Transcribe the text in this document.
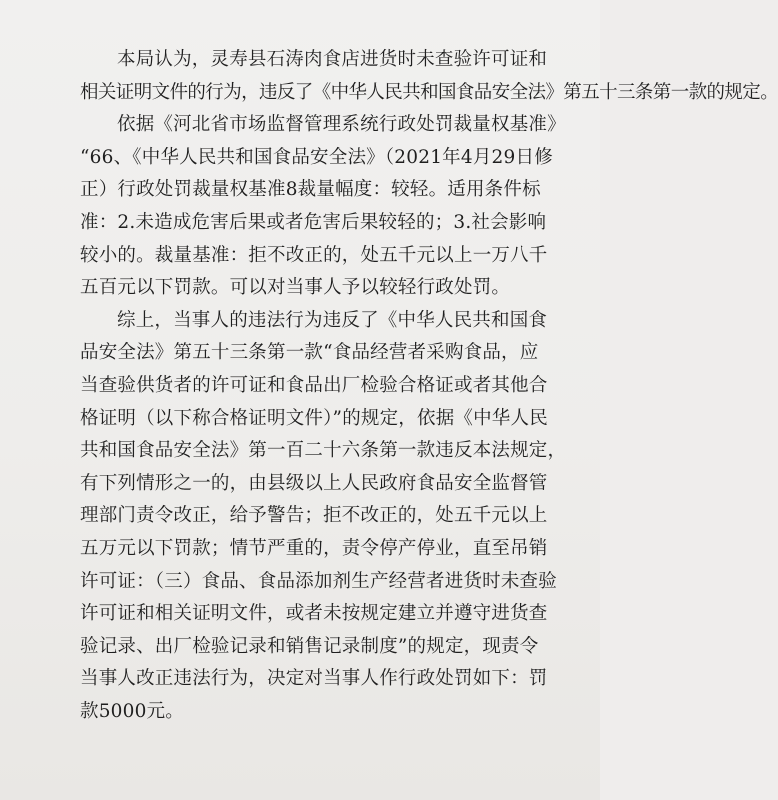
本局认为，灵寿县石涛肉食店进货时未查验许可证和
相关证明文件的行为，违反了《中华人民共和国食品安全法》第五十三条第一款的规定。
依据《河北省市场监督管理系统行政处罚裁量权基准》
“66、《中华人民共和国食品安全法》（2021年4月29日修
正）行政处罚裁量权基准8裁量幅度：较轻。适用条件标
准：2.未造成危害后果或者危害后果较轻的；3.社会影响
较小的。裁量基准：拒不改正的，处五千元以上一万八千
五百元以下罚款。可以对当事人予以较轻行政处罚。
综上，当事人的违法行为违反了《中华人民共和国食
品安全法》第五十三条第一款“食品经营者采购食品，应
当查验供货者的许可证和食品出厂检验合格证或者其他合
格证明（以下称合格证明文件）”的规定，依据《中华人民
共和国食品安全法》第一百二十六条第一款违反本法规定，
有下列情形之一的，由县级以上人民政府食品安全监督管
理部门责令改正，给予警告；拒不改正的，处五千元以上
五万元以下罚款；情节严重的，责令停产停业，直至吊销
许可证：（三）食品、食品添加剂生产经营者进货时未查验
许可证和相关证明文件，或者未按规定建立并遵守进货查
验记录、出厂检验记录和销售记录制度”的规定，现责令
当事人改正违法行为，决定对当事人作行政处罚如下：罚
款5000元。
